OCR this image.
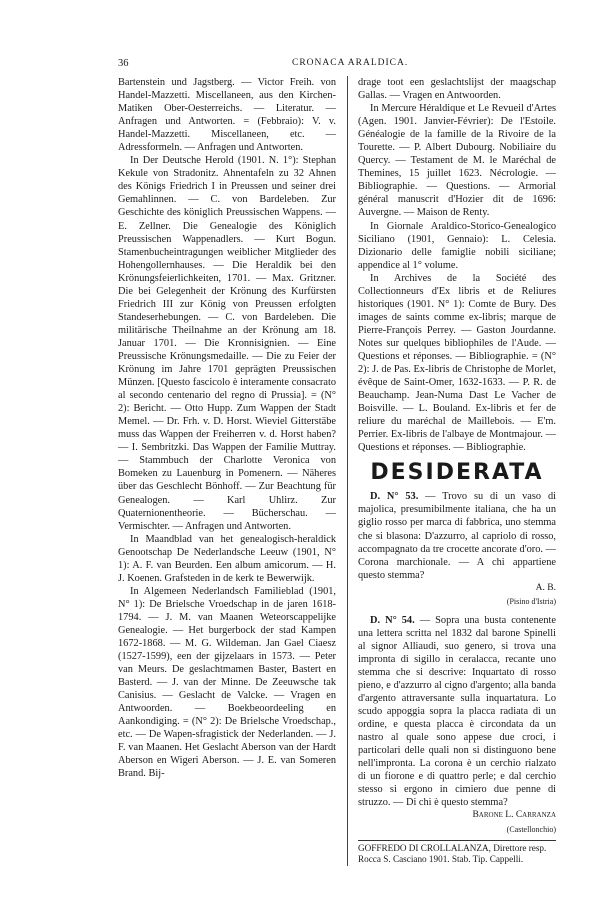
36	CRONACA ARALDICA.

Bartenstein und Jagstberg. — Victor Freih. von Handel-Mazzetti. Miscellaneen, aus den Kirchen-Matiken Ober-Oesterreichs. — Literatur. — Anfragen und Antworten. = (Febbraio): V. v. Handel-Mazzetti. Miscellaneen, etc. — Adressformeln. — Anfragen und Antworten.

In Der Deutsche Herold (1901. N. 1°): Stephan Kekule von Stradonitz. Ahnentafeln zu 32 Ahnen des Königs Friedrich I in Preussen und seiner drei Gemahlinnen. — C. von Bardeleben. Zur Geschichte des königlich Preussischen Wappens. — E. Zellner. Die Genealogie des Königlich Preussischen Wappenadlers. — Kurt Bogun. Stamenbucheintragungen weiblicher Mitglieder des Hohengollernhauses. — Die Heraldik bei den Krönungsfeierlichkeiten, 1701. — Max. Gritzner. Die bei Gelegenheit der Krönung des Kurfürsten Friedrich III zur König von Preussen erfolgten Standeserhebungen. — C. von Bardeleben. Die militärische Theilnahme an der Krönung am 18. Januar 1701. — Die Kronnisignien. — Eine Preussische Krönungsmedaille. — Die zu Feier der Krönung im Jahre 1701 geprägten Preussischen Münzen. [Questo fascicolo è interamente consacrato al secondo centenario del regno di Prussia]. = (N° 2): Bericht. — Otto Hupp. Zum Wappen der Stadt Memel. — Dr. Frh. v. D. Horst. Wieviel Gitterstäbe muss das Wappen der Freiherren v. d. Horst haben? — I. Sembritzki. Das Wappen der Familie Muttray. — Stammbuch der Charlotte Veronica von Bomeken zu Lauenburg in Pomenern. — Näheres über das Geschlecht Bönhoff. — Zur Beachtung für Genealogen. — Karl Uhlirz. Zur Quaternionentheorie. — Bücherschau. — Vermischter. — Anfragen und Antworten.

In Maandblad van het genealogisch-heraldick Genootschap De Nederlandsche Leeuw (1901, N° 1): A. F. van Beurden. Een album amicorum. — H. J. Koenen. Grafsteden in de kerk te Bewerwijk.

In Algemeen Nederlandsch Familieblad (1901, N° 1): De Brielsche Vroedschap in de jaren 1618-1794. — J. M. van Maanen Weteorscappelijke Genealogie. — Het burgerbock der stad Kampen 1672-1868. — M. G. Wildeman. Jan Gael Ciaesz (1527-1599), een der gijzelaars in 1573. — Peter van Meurs. De geslachtmamen Baster, Bastert en Basterd. — J. van der Minne. De Zeeuwsche tak Canisius. — Geslacht de Valcke. — Vragen en Antwoorden. — Boekbeoordeeling en Aankondiging. = (N° 2): De Brielsche Vroedschap., etc. — De Wapen-sfragistick der Nederlanden. — J. F. van Maanen. Het Geslacht Aberson van der Hardt Aberson en Wigeri Aberson. — J. E. van Someren Brand. Bij-

drage toot een geslachtslijst der maagschap Gallas. — Vragen en Antwoorden.

In Mercure Héraldique et Le Revueil d'Artes (Agen. 1901. Janvier-Février): De l'Estoile. Généalogie de la famille de la Rivoire de la Tourette. — P. Albert Dubourg. Nobiliaire du Quercy. — Testament de M. le Maréchal de Themines, 15 juillet 1623. Nécrologie. — Bibliographie. — Questions. — Armorial général manuscrit d'Hozier dit de 1696: Auvergne. — Maison de Renty.

In Giornale Araldico-Storico-Genealogico Siciliano (1901, Gennaio): L. Celesia. Dizionario delle famiglie nobili siciliane; appendice al 1° volume.

In Archives de la Société des Collectionneurs d'Ex libris et de Reliures historiques (1901. N° 1): Comte de Bury. Des images de saints comme ex-libris; marque de Pierre-François Perrey. — Gaston Jourdanne. Notes sur quelques bibliophiles de l'Aude. — Questions et réponses. — Bibliographie. = (N° 2): J. de Pas. Ex-libris de Christophe de Morlet, évêque de Saint-Omer, 1632-1633. — P. R. de Beauchamp. Jean-Numa Dast Le Vacher de Boisville. — L. Bouland. Ex-libris et fer de reliure du maréchal de Maillebois. — E'm. Perrier. Ex-libris de l'albaye de Montmajour. — Questions et réponses. — Bibliographie.

DESIDERATA

D. N° 53. — Trovo su di un vaso di majolica, presumibilmente italiana, che ha un giglio rosso per marca di fabbrica, uno stemma che si blasona: D'azzurro, al capriolo di rosso, accompagnato da tre crocette ancorate d'oro. — Corona marchionale. — A chi appartiene questo stemma?

A. B.
(Pisino d'Istria)

D. N° 54. — Sopra una busta contenente una lettera scritta nel 1832 dal barone Spinelli al signor Alliaudi, suo genero, si trova una impronta di sigillo in ceralacca, recante uno stemma che si descrive: Inquartato di rosso pieno, e d'azzurro al cigno d'argento; alla banda d'argento attraversante sulla inquartatura. Lo scudo appoggia sopra la placca radiata di un ordine, e questa placca è circondata da un nastro al quale sono appese due croci, i particolari delle quali non si distinguono bene nell'impronta. La corona è un cerchio rialzato di un fiorone e di quattro perle; e dal cerchio stesso si ergono in cimiero due penne di struzzo. — Di chi è questo stemma?

Barone L. Carranza
(Castellonchio)
GOFFREDO DI CROLLALANZA, Direttore resp.
Rocca S. Casciano 1901. Stab. Tip. Cappelli.
